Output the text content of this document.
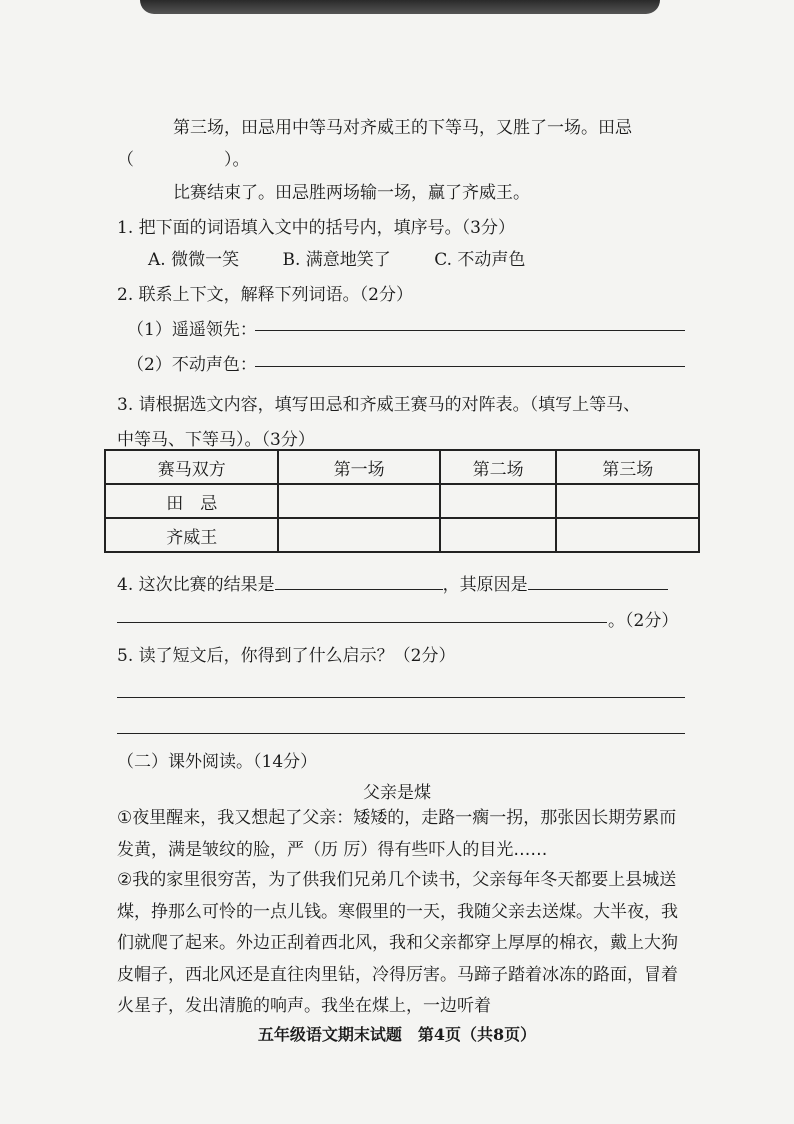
第三场，田忌用中等马对齐威王的下等马，又胜了一场。田忌
（	）。
比赛结束了。田忌胜两场输一场，赢了齐威王。
1. 把下面的词语填入文中的括号内，填序号。（3分）
A. 微微一笑	B. 满意地笑了	C. 不动声色
2. 联系上下文，解释下列词语。（2分）
（1）遥遥领先：
（2）不动声色：
3. 请根据选文内容，填写田忌和齐威王赛马的对阵表。（填写上等马、
中等马、下等马）。（3分）
赛马双方	第一场	第二场	第三场
田　忌			
齐威王			
4. 这次比赛的结果是	，其原因是
。（2分）
5. 读了短文后，你得到了什么启示？（2分）
（二）课外阅读。（14分）
父亲是煤
①夜里醒来，我又想起了父亲：矮矮的，走路一瘸一拐，那张因长期劳累而发黄，满是皱纹的脸，严（历 厉）得有些吓人的目光……
②我的家里很穷苦，为了供我们兄弟几个读书，父亲每年冬天都要上县城送煤，挣那么可怜的一点儿钱。寒假里的一天，我随父亲去送煤。大半夜，我们就爬了起来。外边正刮着西北风，我和父亲都穿上厚厚的棉衣，戴上大狗皮帽子，西北风还是直往肉里钻，冷得厉害。马蹄子踏着冰冻的路面，冒着火星子，发出清脆的响声。我坐在煤上，一边听着
五年级语文期末试题　第4页（共8页）
